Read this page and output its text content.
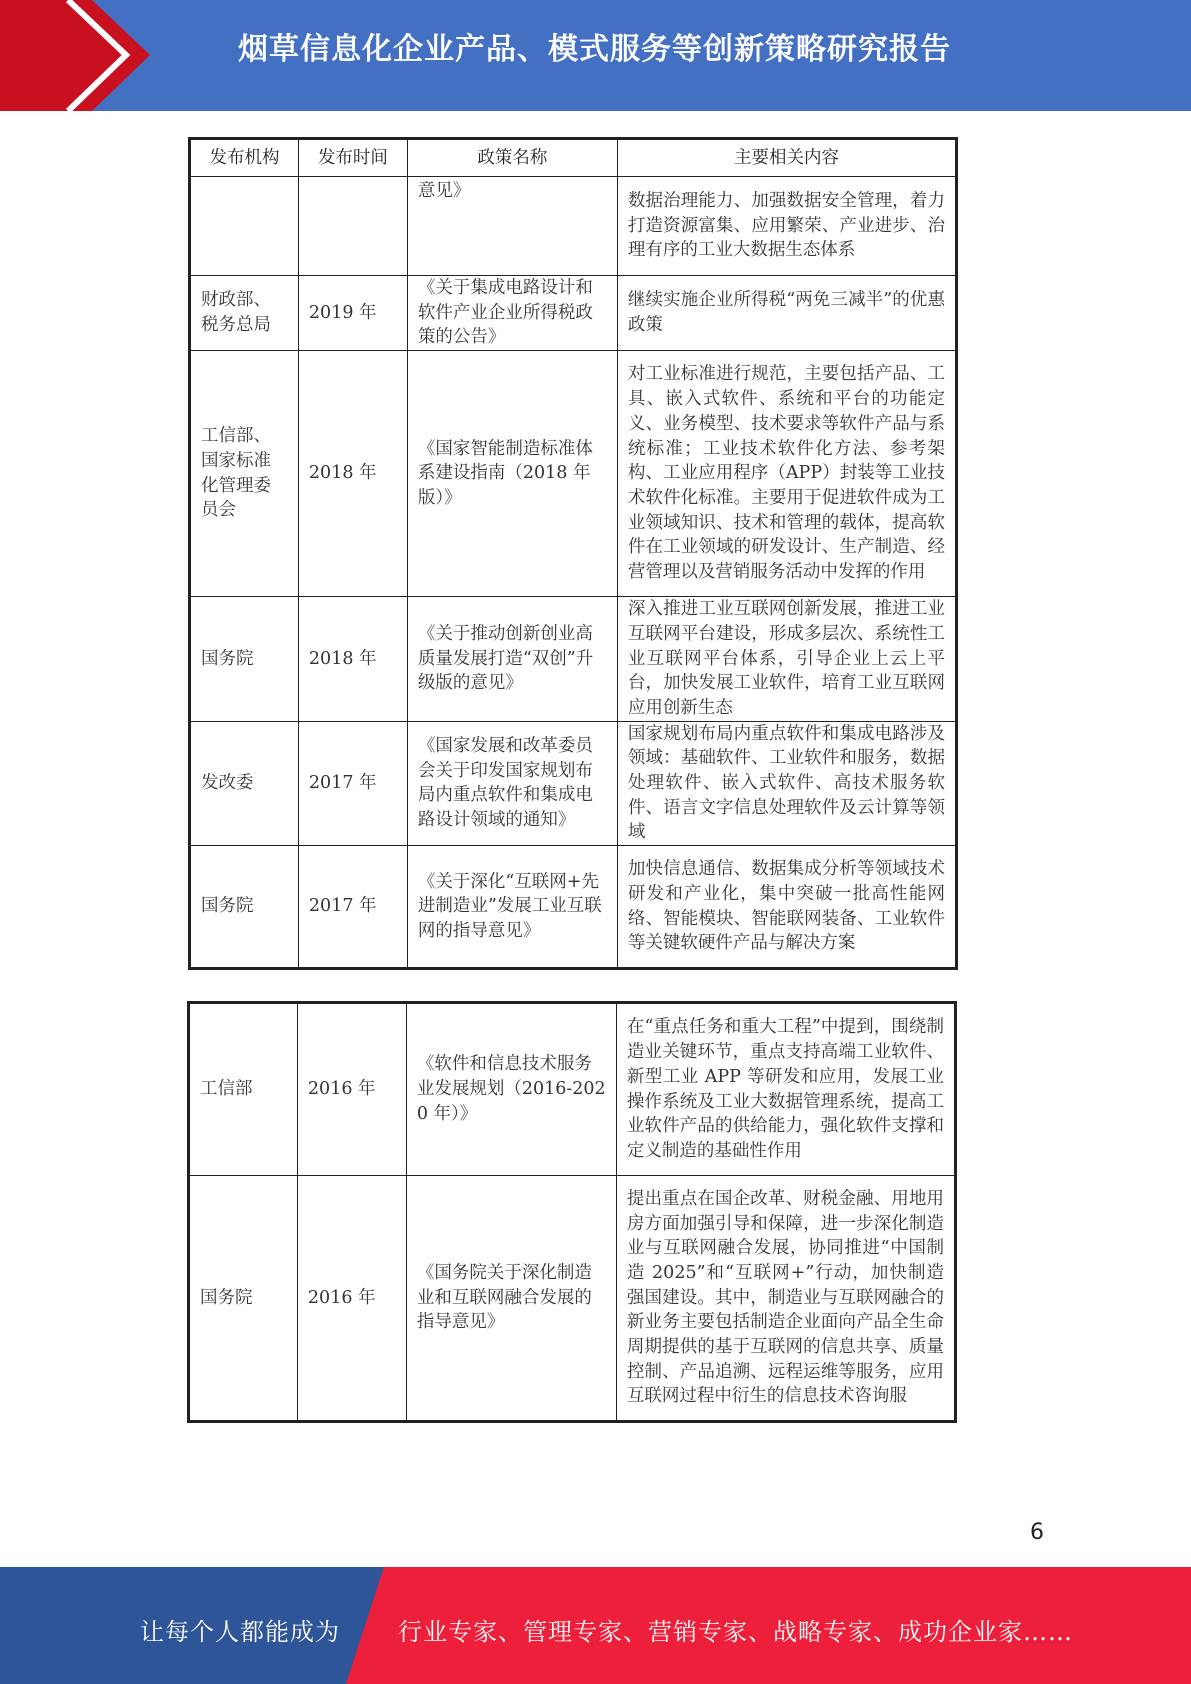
烟草信息化企业产品、模式服务等创新策略研究报告
发布机构	发布时间	政策名称	主要相关内容
		意见》	数据治理能力、加强数据安全管理，着力打造资源富集、应用繁荣、产业进步、治理有序的工业大数据生态体系
财政部、税务总局	2019 年	《关于集成电路设计和软件产业企业所得税政策的公告》	继续实施企业所得税“两免三减半”的优惠政策
工信部、国家标准化管理委员会	2018 年	《国家智能制造标准体系建设指南（2018 年版）》	对工业标准进行规范，主要包括产品、工具、嵌入式软件、系统和平台的功能定义、业务模型、技术要求等软件产品与系统标准；工业技术软件化方法、参考架构、工业应用程序（APP）封装等工业技术软件化标准。主要用于促进软件成为工业领域知识、技术和管理的载体，提高软件在工业领域的研发设计、生产制造、经营管理以及营销服务活动中发挥的作用
国务院	2018 年	《关于推动创新创业高质量发展打造“双创”升级版的意见》	深入推进工业互联网创新发展，推进工业互联网平台建设，形成多层次、系统性工业互联网平台体系，引导企业上云上平台，加快发展工业软件，培育工业互联网应用创新生态
发改委	2017 年	《国家发展和改革委员会关于印发国家规划布局内重点软件和集成电路设计领域的通知》	国家规划布局内重点软件和集成电路涉及领域：基础软件、工业软件和服务，数据处理软件、嵌入式软件、高技术服务软件、语言文字信息处理软件及云计算等领域
国务院	2017 年	《关于深化“互联网+先进制造业”发展工业互联网的指导意见》	加快信息通信、数据集成分析等领域技术研发和产业化，集中突破一批高性能网络、智能模块、智能联网装备、工业软件等关键软硬件产品与解决方案
工信部	2016 年	《软件和信息技术服务业发展规划（2016-2020 年）》	在“重点任务和重大工程”中提到，围绕制造业关键环节，重点支持高端工业软件、新型工业 APP 等研发和应用，发展工业操作系统及工业大数据管理系统，提高工业软件产品的供给能力，强化软件支撑和定义制造的基础性作用
国务院	2016 年	《国务院关于深化制造业和互联网融合发展的指导意见》	提出重点在国企改革、财税金融、用地用房方面加强引导和保障，进一步深化制造业与互联网融合发展，协同推进“中国制造 2025”和“互联网+”行动，加快制造强国建设。其中，制造业与互联网融合的新业务主要包括制造企业面向产品全生命周期提供的基于互联网的信息共享、质量控制、产品追溯、远程运维等服务，应用互联网过程中衍生的信息技术咨询服
6
让每个人都能成为 行业专家、管理专家、营销专家、战略专家、成功企业家……
